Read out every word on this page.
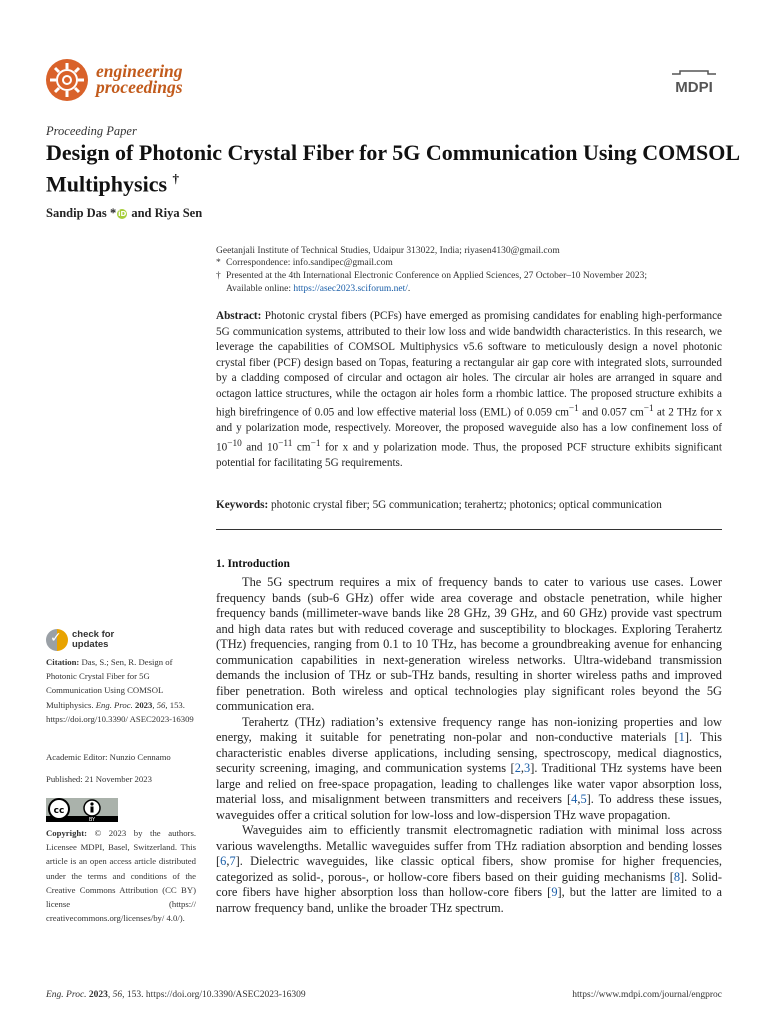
engineering
proceedings	MDPI
Proceeding Paper
Design of Photonic Crystal Fiber for 5G Communication Using COMSOL Multiphysics †
Sandip Das * iD and Riya Sen
Geetanjali Institute of Technical Studies, Udaipur 313022, India; riyasen4130@gmail.com
* Correspondence: info.sandipec@gmail.com
† Presented at the 4th International Electronic Conference on Applied Sciences, 27 October–10 November 2023;
Available online: https://asec2023.sciforum.net/.
Abstract: Photonic crystal fibers (PCFs) have emerged as promising candidates for enabling high-performance 5G communication systems, attributed to their low loss and wide bandwidth characteristics. In this research, we leverage the capabilities of COMSOL Multiphysics v5.6 software to meticulously design a novel photonic crystal fiber (PCF) design based on Topas, featuring a rectangular air gap core with integrated slots, surrounded by a cladding composed of circular and octagon air holes. The circular air holes are arranged in square and octagon lattice structures, while the octagon air holes form a rhombic lattice. The proposed structure exhibits a high birefringence of 0.05 and low effective material loss (EML) of 0.059 $cm^{-1}$ and 0.057 $cm^{-1}$ at 2 THz for x and y polarization mode, respectively. Moreover, the proposed waveguide also has a low confinement loss of $10^{-10}$ and $10^{-11}$ $cm^{-1}$ for x and y polarization mode. Thus, the proposed PCF structure exhibits significant potential for facilitating 5G requirements.
Keywords: photonic crystal fiber; 5G communication; terahertz; photonics; optical communication
1. Introduction

The 5G spectrum requires a mix of frequency bands to cater to various use cases. Lower frequency bands (sub-6 GHz) offer wide area coverage and obstacle penetration, while higher frequency bands (millimeter-wave bands like 28 GHz, 39 GHz, and 60 GHz) provide vast spectrum and high data rates but with reduced coverage and susceptibility to blockages. Exploring Terahertz (THz) frequencies, ranging from 0.1 to 10 THz, has become a groundbreaking avenue for enhancing communication capabilities in next-generation wireless networks. Ultra-wideband transmission demands the inclusion of THz or sub-THz bands, resulting in shorter wireless paths and improved fiber penetration. Both wireless and optical technologies play significant roles beyond the 5G communication era.

Terahertz (THz) radiation’s extensive frequency range has non-ionizing properties and low energy, making it suitable for penetrating non-polar and non-conductive materials [1]. This characteristic enables diverse applications, including sensing, spectroscopy, medical diagnostics, security screening, imaging, and communication systems [2,3]. Traditional THz systems have been large and relied on free-space propagation, leading to challenges like water vapor absorption loss, material loss, and misalignment between transmitters and receivers [4,5]. To address these issues, waveguides offer a critical solution for low-loss and low-dispersion THz wave propagation.

Waveguides aim to efficiently transmit electromagnetic radiation with minimal loss across various wavelengths. Metallic waveguides suffer from THz radiation absorption and bending losses [6,7]. Dielectric waveguides, like classic optical fibers, show promise for higher frequencies, categorized as solid-, porous-, or hollow-core fibers based on their guiding mechanisms [8]. Solid-core fibers have higher absorption loss than hollow-core fibers [9], but the latter are limited to a narrow frequency band, unlike the broader THz spectrum.

✓ check for
updates
Citation: Das, S.; Sen, R. Design of Photonic Crystal Fiber for 5G Communication Using COMSOL Multiphysics. Eng. Proc. 2023, 56, 153. https://doi.org/10.3390/ ASEC2023-16309
Academic Editor: Nunzio Cennamo
Published: 21 November 2023
cc
BY
Copyright: © 2023 by the authors. Licensee MDPI, Basel, Switzerland. This article is an open access article distributed under the terms and conditions of the Creative Commons Attribution (CC BY) license (https:// creativecommons.org/licenses/by/ 4.0/).
Eng. Proc. 2023, 56, 153. https://doi.org/10.3390/ASEC2023-16309	https://www.mdpi.com/journal/engproc
